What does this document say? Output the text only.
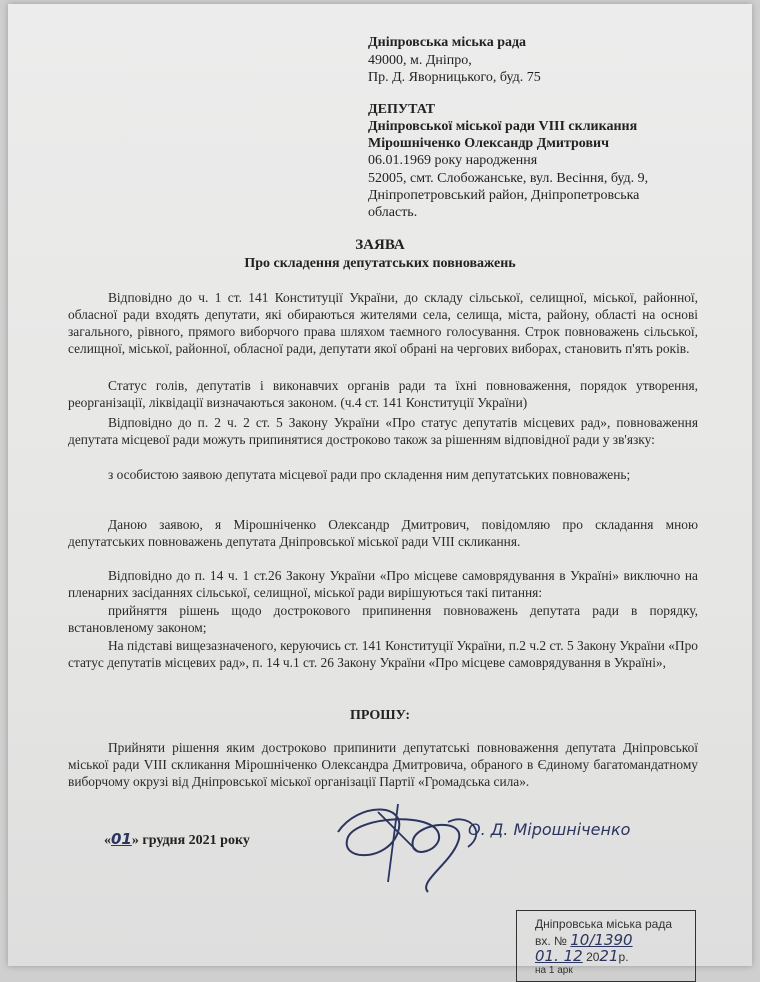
Дніпровська міська рада
49000, м. Дніпро,
Пр. Д. Яворницького, буд. 75
ДЕПУТАТ
Дніпровської міської ради VIII скликання
Мірошніченко Олександр Дмитрович
06.01.1969 року народження
52005, смт. Слобожанське, вул. Весіння, буд. 9,
Дніпропетровський район, Дніпропетровська
область.
ЗАЯВА
Про складення депутатських повноважень
Відповідно до ч. 1 ст. 141 Конституції України, до складу сільської, селищної, міської, районної, обласної ради входять депутати, які обираються жителями села, селища, міста, району, області на основі загального, рівного, прямого виборчого права шляхом таємного голосування. Строк повноважень сільської, селищної, міської, районної, обласної ради, депутати якої обрані на чергових виборах, становить п'ять років.
Статус голів, депутатів і виконавчих органів ради та їхні повноваження, порядок утворення, реорганізації, ліквідації визначаються законом. (ч.4 ст. 141 Конституції України)
Відповідно до п. 2 ч. 2 ст. 5 Закону України «Про статус депутатів місцевих рад», повноваження депутата місцевої ради можуть припинятися достроково також за рішенням відповідної ради у зв'язку:
з особистою заявою депутата місцевої ради про складення ним депутатських повноважень;
Даною заявою, я Мірошніченко Олександр Дмитрович, повідомляю про складання мною депутатських повноважень депутата Дніпровської міської ради VIII скликання.
Відповідно до п. 14 ч. 1 ст.26 Закону України «Про місцеве самоврядування в Україні» виключно на пленарних засіданнях сільської, селищної, міської ради вирішуються такі питання:
прийняття рішень щодо дострокового припинення повноважень депутата ради в порядку, встановленому законом;
На підставі вищезазначеного, керуючись ст. 141 Конституції України, п.2 ч.2 ст. 5 Закону України «Про статус депутатів місцевих рад», п. 14 ч.1 ст. 26 Закону України «Про місцеве самоврядування в Україні»,
ПРОШУ:
Прийняти рішення яким достроково припинити депутатські повноваження депутата Дніпровської міської ради VIII скликання Мірошніченко Олександра Дмитровича, обраного в Єдиному багатомандатному виборчому окрузі від Дніпровської міської організації Партії «Громадська сила».
«01» грудня 2021 року
О. Д. Мірошніченко
Дніпровська міська рада
вх. № 10/1390
01. 12 2021р.
на 1 арк
